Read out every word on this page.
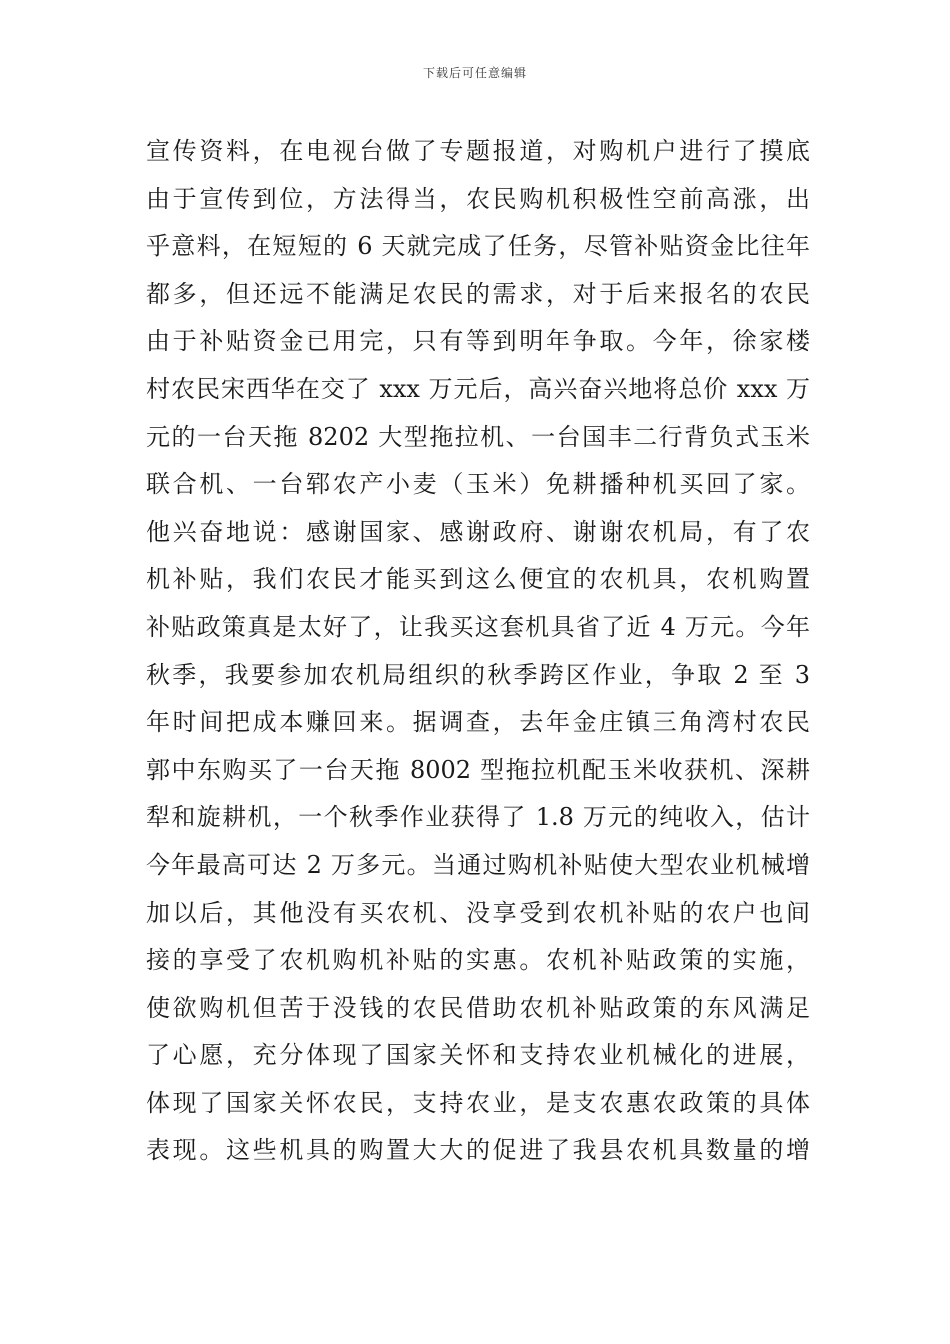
下载后可任意编辑
宣传资料，在电视台做了专题报道，对购机户进行了摸底
由于宣传到位，方法得当，农民购机积极性空前高涨，出
乎意料，在短短的 6 天就完成了任务，尽管补贴资金比往年
都多，但还远不能满足农民的需求，对于后来报名的农民
由于补贴资金已用完，只有等到明年争取。今年，徐家楼
村农民宋西华在交了 xxx 万元后，高兴奋兴地将总价 xxx 万
元的一台天拖 8202 大型拖拉机、一台国丰二行背负式玉米
联合机、一台郓农产小麦（玉米）免耕播种机买回了家。
他兴奋地说：感谢国家、感谢政府、谢谢农机局，有了农
机补贴，我们农民才能买到这么便宜的农机具，农机购置
补贴政策真是太好了，让我买这套机具省了近 4 万元。今年
秋季，我要参加农机局组织的秋季跨区作业，争取 2 至 3
年时间把成本赚回来。据调查，去年金庄镇三角湾村农民
郭中东购买了一台天拖 8002 型拖拉机配玉米收获机、深耕
犁和旋耕机，一个秋季作业获得了 1.8 万元的纯收入，估计
今年最高可达 2 万多元。当通过购机补贴使大型农业机械增
加以后，其他没有买农机、没享受到农机补贴的农户也间
接的享受了农机购机补贴的实惠。农机补贴政策的实施，
使欲购机但苦于没钱的农民借助农机补贴政策的东风满足
了心愿，充分体现了国家关怀和支持农业机械化的进展，
体现了国家关怀农民，支持农业，是支农惠农政策的具体
表现。这些机具的购置大大的促进了我县农机具数量的增
